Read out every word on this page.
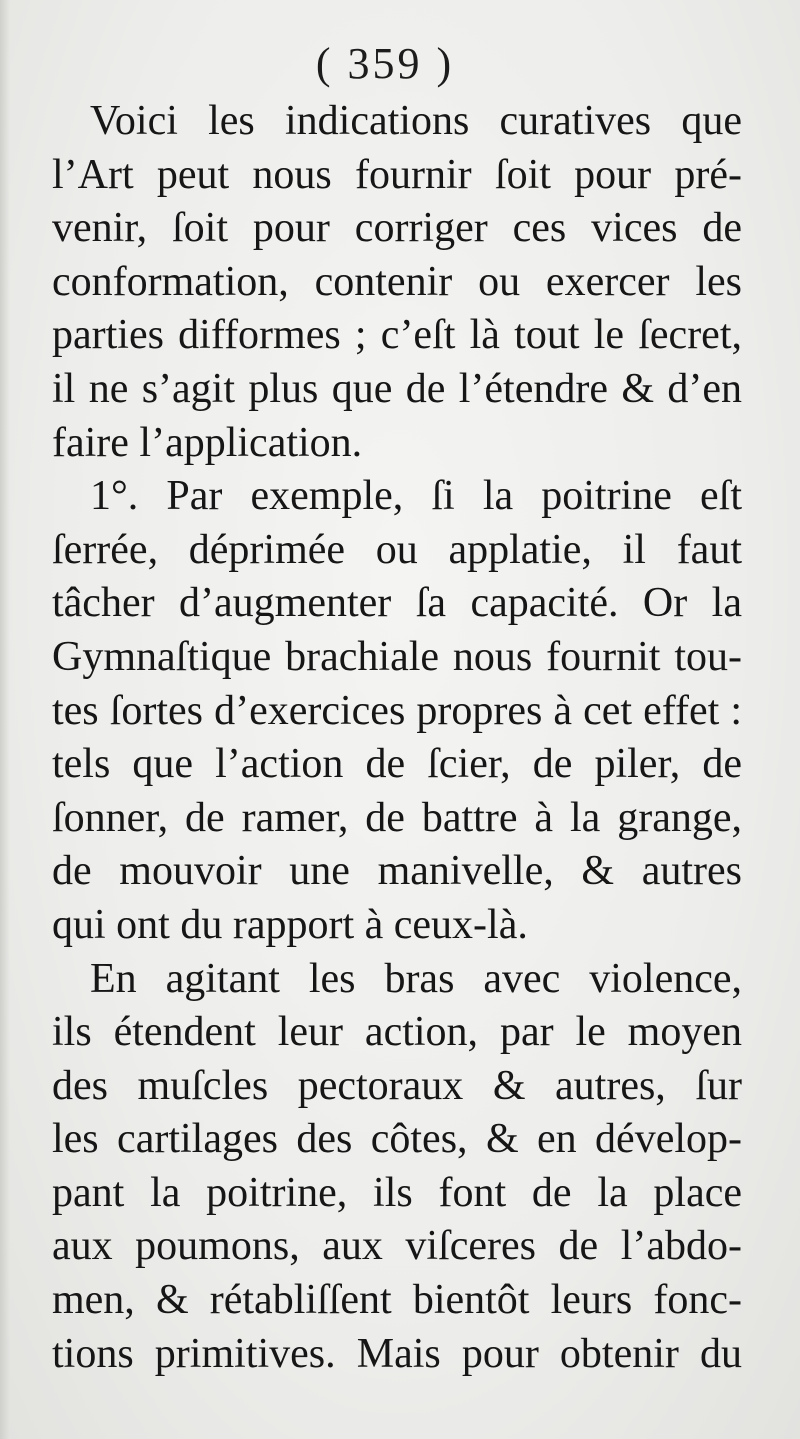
( 359 )
Voici les indications curatives que
l’Art peut nous fournir ſoit pour pré-
venir, ſoit pour corriger ces vices de
conformation, contenir ou exercer les
parties difformes ; c’eſt là tout le ſecret,
il ne s’agit plus que de l’étendre & d’en
faire l’application.
1°. Par exemple, ſi la poitrine eſt
ſerrée, déprimée ou applatie, il faut
tâcher d’augmenter ſa capacité. Or la
Gymnaſtique brachiale nous fournit tou-
tes ſortes d’exercices propres à cet effet :
tels que l’action de ſcier, de piler, de
ſonner, de ramer, de battre à la grange,
de mouvoir une manivelle, & autres
qui ont du rapport à ceux-là.
En agitant les bras avec violence,
ils étendent leur action, par le moyen
des muſcles pectoraux & autres, ſur
les cartilages des côtes, & en dévelop-
pant la poitrine, ils font de la place
aux poumons, aux viſceres de l’abdo-
men, & rétabliſſent bientôt leurs fonc-
tions primitives. Mais pour obtenir du
